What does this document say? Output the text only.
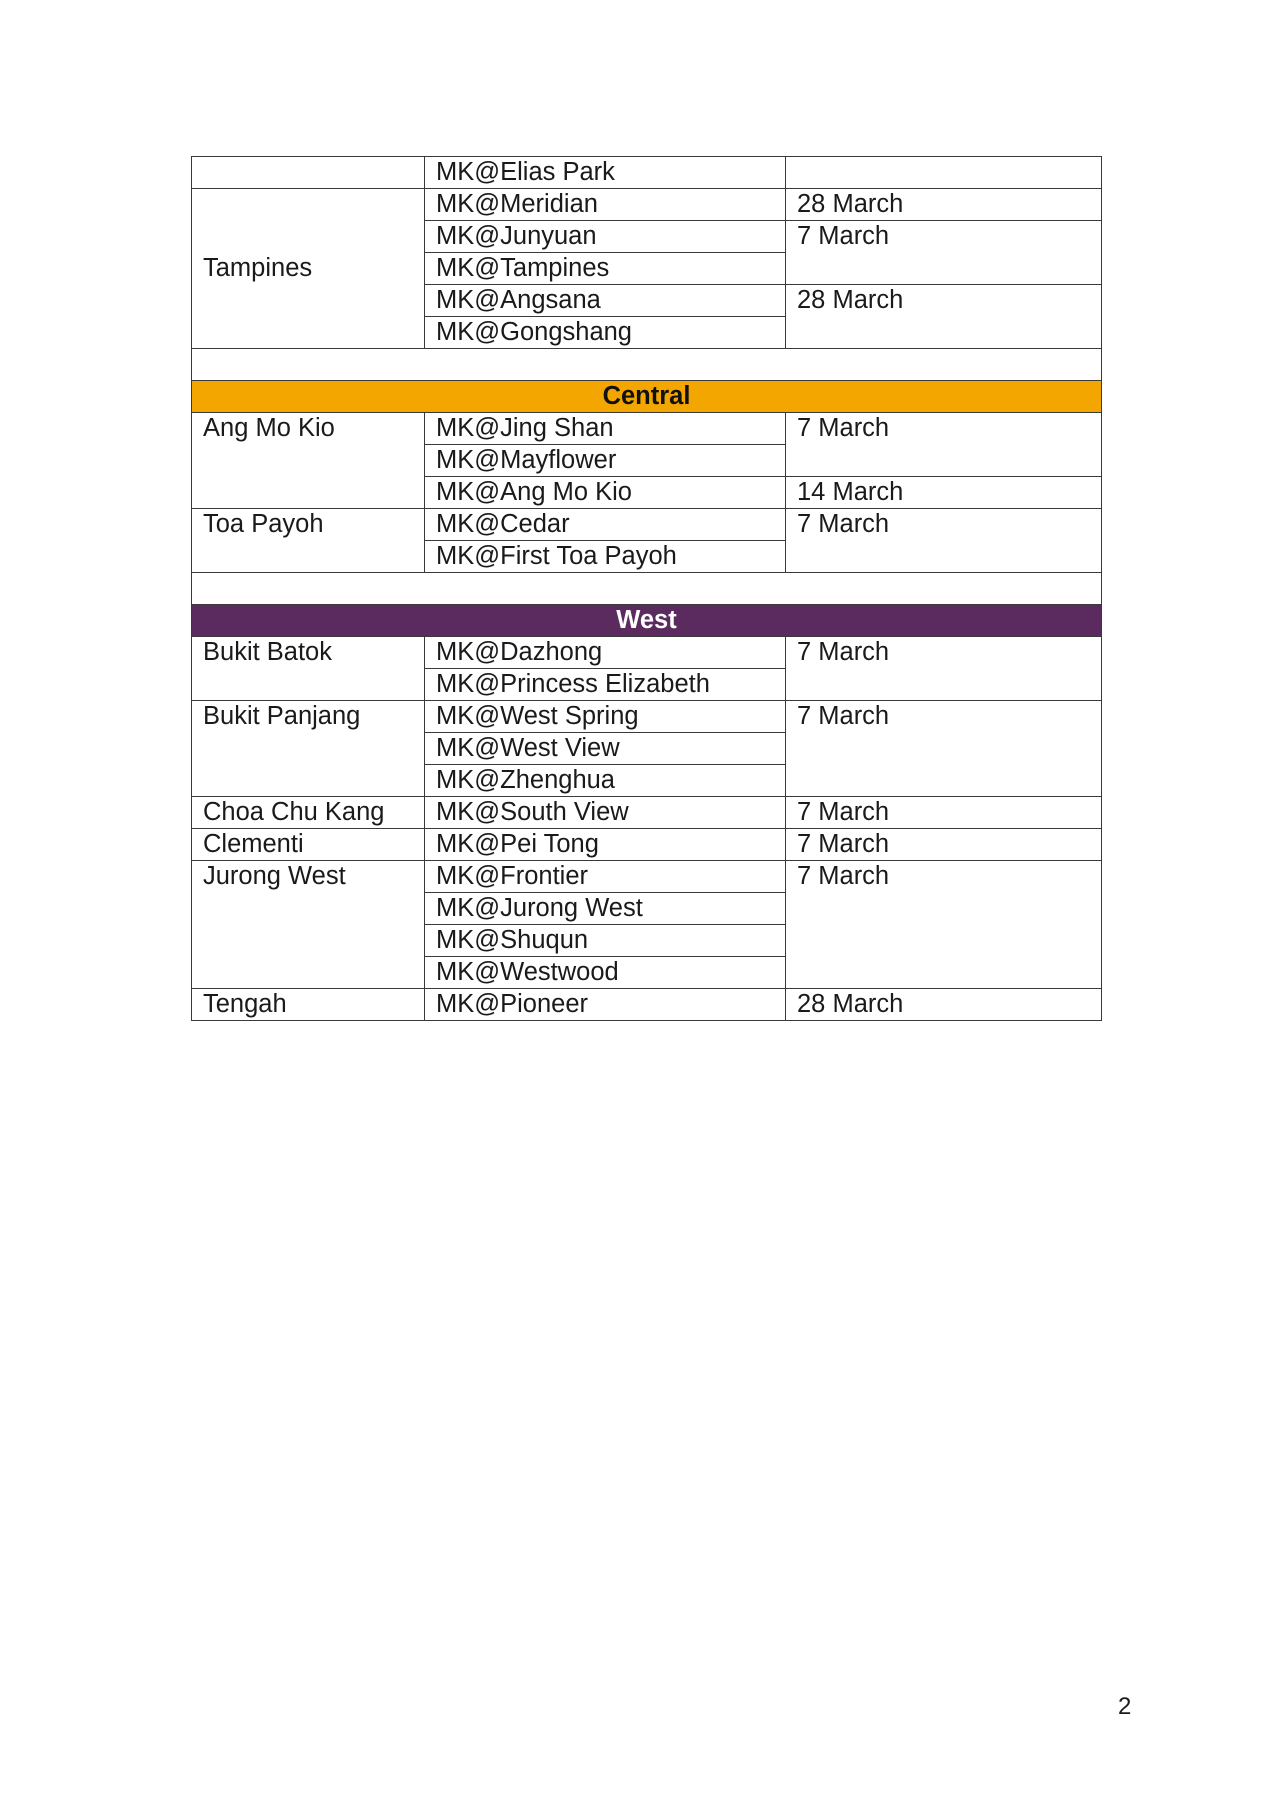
	MK@Elias Park	
Tampines	MK@Meridian	28 March
	MK@Junyuan	7 March
	MK@Tampines	
	MK@Angsana	28 March
	MK@Gongshang	

Central		
Ang Mo Kio	MK@Jing Shan	7 March
	MK@Mayflower	
	MK@Ang Mo Kio	14 March
Toa Payoh	MK@Cedar	7 March
	MK@First Toa Payoh	

West		
Bukit Batok	MK@Dazhong	7 March
	MK@Princess Elizabeth	
Bukit Panjang	MK@West Spring	7 March
	MK@West View	
	MK@Zhenghua	
Choa Chu Kang	MK@South View	7 March
Clementi	MK@Pei Tong	7 March
Jurong West	MK@Frontier	7 March
	MK@Jurong West	
	MK@Shuqun	
	MK@Westwood	
Tengah	MK@Pioneer	28 March
2
